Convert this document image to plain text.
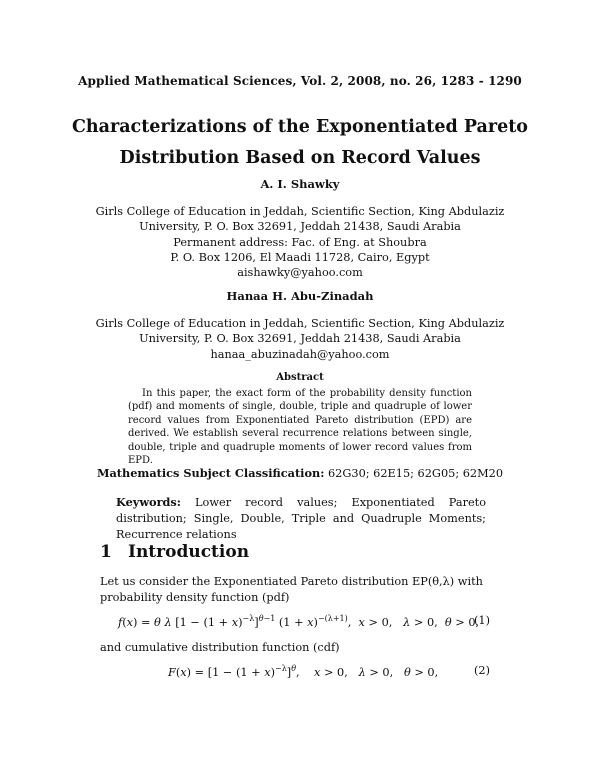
Applied Mathematical Sciences, Vol. 2, 2008, no. 26, 1283 - 1290
Characterizations of the Exponentiated Pareto
Distribution Based on Record Values
A. I. Shawky
Girls College of Education in Jeddah, Scientific Section, King Abdulaziz
University, P. O. Box 32691, Jeddah 21438, Saudi Arabia
Permanent address: Fac. of Eng. at Shoubra
P. O. Box 1206, El Maadi 11728, Cairo, Egypt
aishawky@yahoo.com
Hanaa H. Abu-Zinadah
Girls College of Education in Jeddah, Scientific Section, King Abdulaziz
University, P. O. Box 32691, Jeddah 21438, Saudi Arabia
hanaa_abuzinadah@yahoo.com
Abstract
In this paper, the exact form of the probability density function (pdf) and moments of single, double, triple and quadruple of lower record values from Exponentiated Pareto distribution (EPD) are derived. We establish several recurrence relations between single, double, triple and quadruple moments of lower record values from EPD.
Mathematics Subject Classification: 62G30; 62E15; 62G05; 62M20
Keywords: Lower record values; Exponentiated Pareto distribution; Single, Double, Triple and Quadruple Moments; Recurrence relations
1 Introduction
Let us consider the Exponentiated Pareto distribution EP(θ,λ) with probability density function (pdf)
f(x) = θ λ $[1 - (1 + x)^{-\lambda}]^{\theta-1}$ $(1 + x)^{-(\lambda+1)}$,  x > 0,   λ > 0,  θ > 0,
(1)
and cumulative distribution function (cdf)
$F(x) = [1 - (1 + x)^{-\lambda}]^\theta$,    x > 0,   λ > 0,   θ > 0,	(2)
